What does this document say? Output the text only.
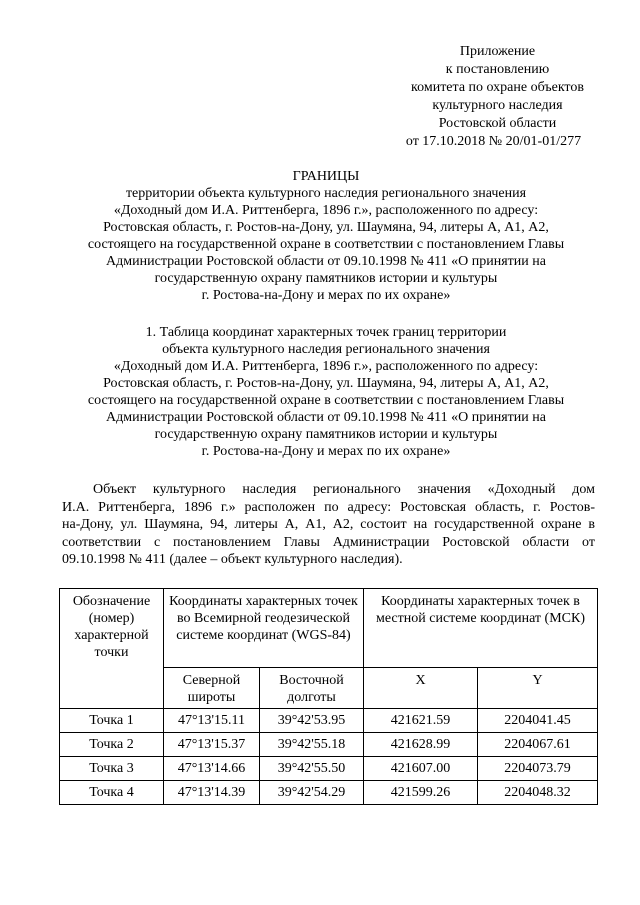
Приложение
к постановлению
комитета по охране объектов
культурного наследия
Ростовской области
от 17.10.2018 № 20/01-01/277
ГРАНИЦЫ
территории объекта культурного наследия регионального значения
«Доходный дом И.А. Риттенберга, 1896 г.», расположенного по адресу:
Ростовская область, г. Ростов-на-Дону, ул. Шаумяна, 94, литеры А, А1, А2,
состоящего на государственной охране в соответствии с постановлением Главы
Администрации Ростовской области от 09.10.1998 № 411 «О принятии на
государственную охрану памятников истории и культуры
г. Ростова-на-Дону и мерах по их охране»
1. Таблица координат характерных точек границ территории
объекта культурного наследия регионального значения
«Доходный дом И.А. Риттенберга, 1896 г.», расположенного по адресу:
Ростовская область, г. Ростов-на-Дону, ул. Шаумяна, 94, литеры А, А1, А2,
состоящего на государственной охране в соответствии с постановлением Главы
Администрации Ростовской области от 09.10.1998 № 411 «О принятии на
государственную охрану памятников истории и культуры
г. Ростова-на-Дону и мерах по их охране»
Объект культурного наследия регионального значения «Доходный дом
И.А. Риттенберга, 1896 г.» расположен по адресу: Ростовская область, г. Ростов-
на-Дону, ул. Шаумяна, 94, литеры А, А1, А2, состоит на государственной охране в
соответствии с постановлением Главы Администрации Ростовской области от
09.10.1998 № 411 (далее – объект культурного наследия).
Обозначение (номер) характерной точки	Координаты характерных точек во Всемирной геодезической системе координат (WGS-84)		Координаты характерных точек в местной системе координат (МСК)	
	Северной широты	Восточной долготы	X	Y
Точка 1	47°13'15.11	39°42'53.95	421621.59	2204041.45
Точка 2	47°13'15.37	39°42'55.18	421628.99	2204067.61
Точка 3	47°13'14.66	39°42'55.50	421607.00	2204073.79
Точка 4	47°13'14.39	39°42'54.29	421599.26	2204048.32
